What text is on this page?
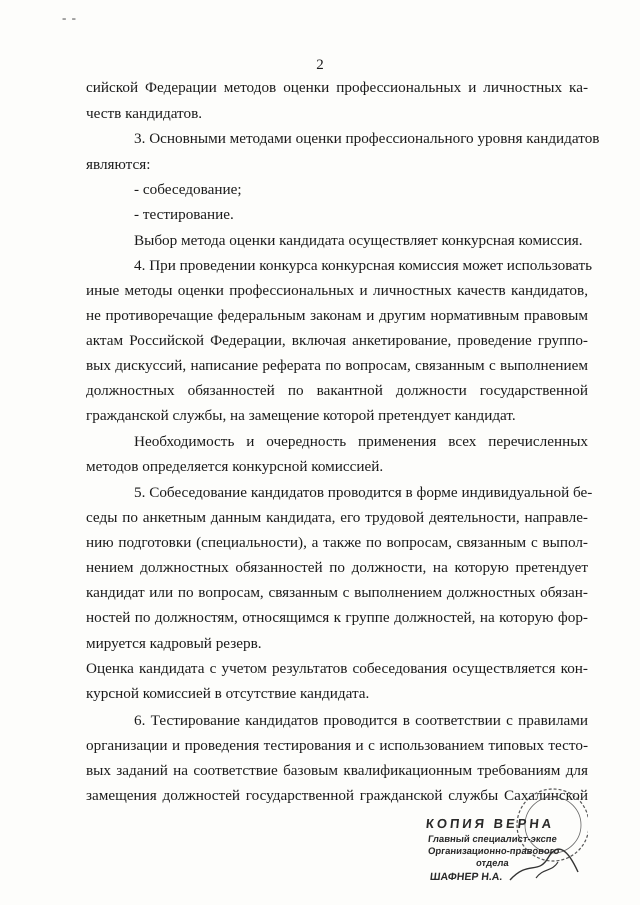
- -
2
сийской Федерации методов оценки профессиональных и личностных ка-
честв кандидатов.
3. Основными методами оценки профессионального уровня кандидатов
являются:
- собеседование;
- тестирование.
Выбор метода оценки кандидата осуществляет конкурсная комиссия.
4. При проведении конкурса конкурсная комиссия может использовать
иные методы оценки профессиональных и личностных качеств кандидатов,
не противоречащие федеральным законам и другим нормативным правовым
актам Российской Федерации, включая анкетирование, проведение группо-
вых дискуссий, написание реферата по вопросам, связанным с выполнением
должностных обязанностей по вакантной должности государственной
гражданской службы, на замещение которой претендует кандидат.
Необходимость и очередность применения всех перечисленных
методов определяется конкурсной комиссией.
5. Собеседование кандидатов проводится в форме индивидуальной бе-
седы по анкетным данным кандидата, его трудовой деятельности, направле-
нию подготовки (специальности), а также по вопросам, связанным с выпол-
нением должностных обязанностей по должности, на которую претендует
кандидат или по вопросам, связанным с выполнением должностных обязан-
ностей по должностям, относящимся к группе должностей, на которую фор-
мируется кадровый резерв.
Оценка кандидата с учетом результатов собеседования осуществляется кон-
курсной комиссией в отсутствие кандидата.
6. Тестирование кандидатов проводится в соответствии с правилами
организации и проведения тестирования и с использованием типовых тесто-
вых заданий на соответствие базовым квалификационным требованиям для
замещения должностей государственной гражданской службы Сахалинской
КОПИЯ ВЕРНА
Главный специалист-экспе
Организационно-правового
отдела
ШАФНЕР Н.А.
